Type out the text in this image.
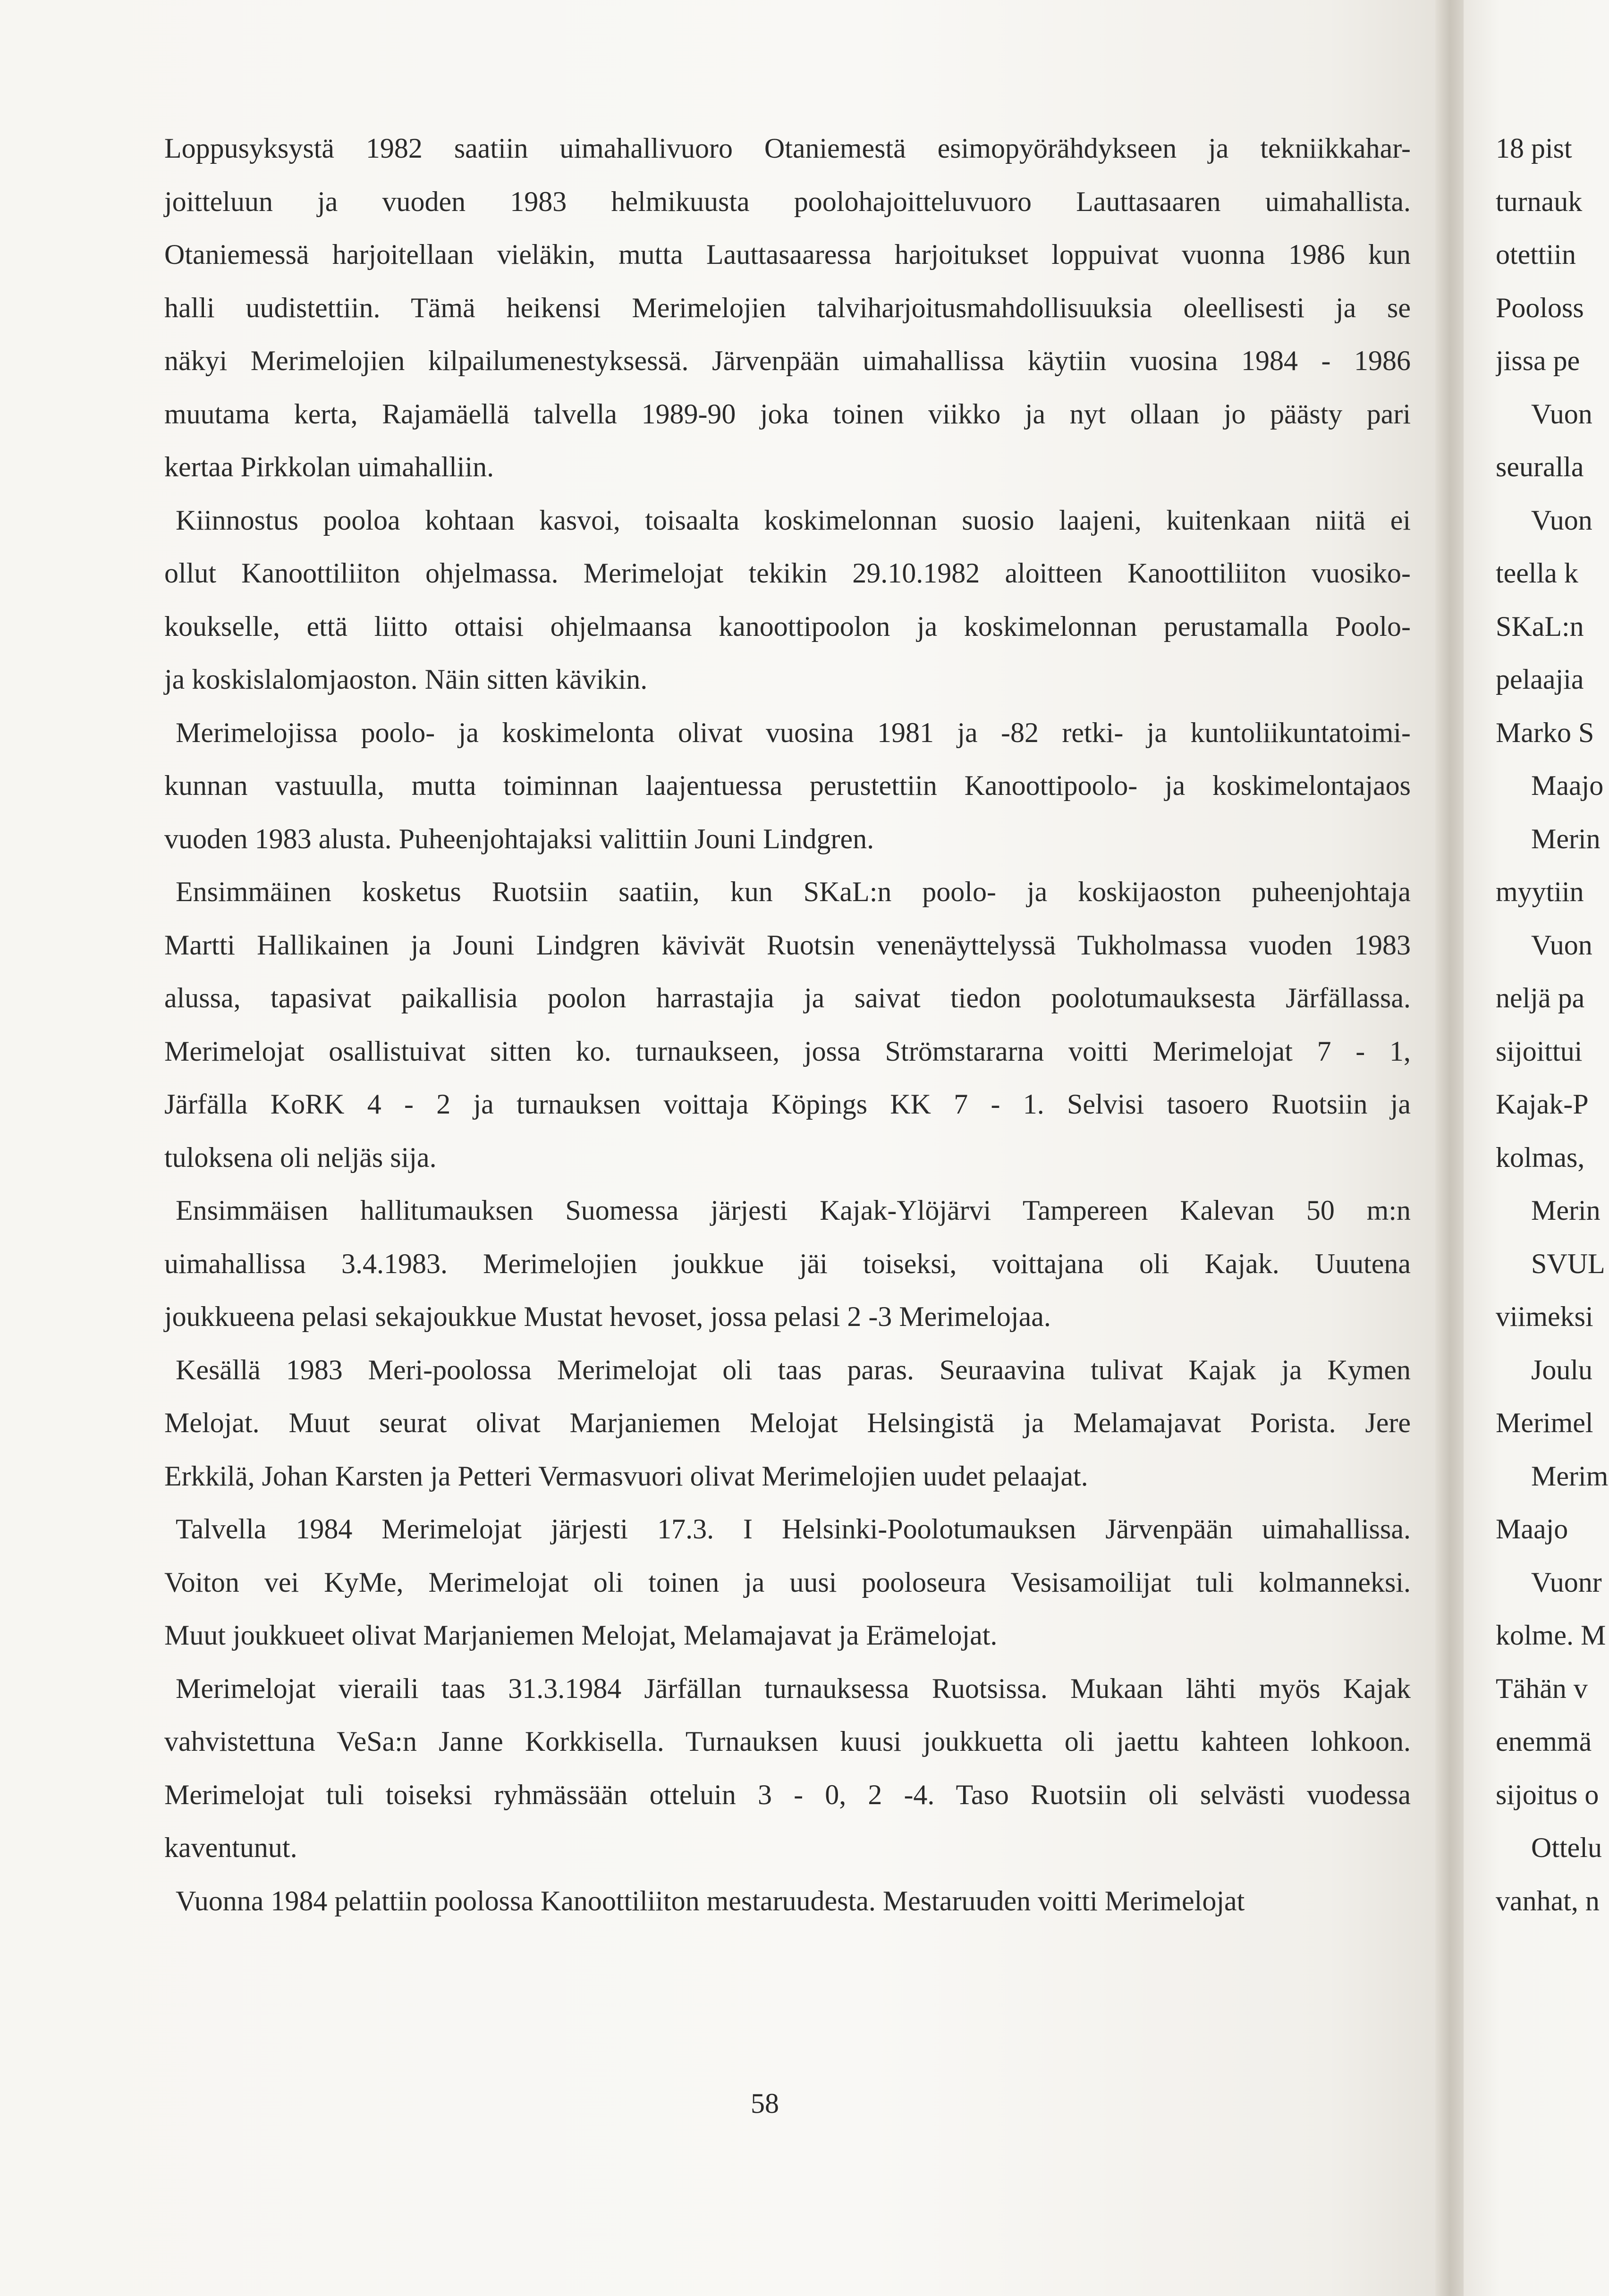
Loppusyksystä 1982 saatiin uimahallivuoro Otaniemestä esimopyörähdykseen ja tekniikkahar-
joitteluun ja vuoden 1983 helmikuusta poolohajoitteluvuoro Lauttasaaren uimahallista.
Otaniemessä harjoitellaan vieläkin, mutta Lauttasaaressa harjoitukset loppuivat vuonna 1986 kun
halli uudistettiin. Tämä heikensi Merimelojien talviharjoitusmahdollisuuksia oleellisesti ja se
näkyi Merimelojien kilpailumenestyksessä. Järvenpään uimahallissa käytiin vuosina 1984 - 1986
muutama kerta, Rajamäellä talvella 1989-90 joka toinen viikko ja nyt ollaan jo päästy pari
kertaa Pirkkolan uimahalliin.
Kiinnostus pooloa kohtaan kasvoi, toisaalta koskimelonnan suosio laajeni, kuitenkaan niitä ei
ollut Kanoottiliiton ohjelmassa. Merimelojat tekikin 29.10.1982 aloitteen Kanoottiliiton vuosiko-
koukselle, että liitto ottaisi ohjelmaansa kanoottipoolon ja koskimelonnan perustamalla Poolo-
ja koskislalomjaoston. Näin sitten kävikin.
Merimelojissa poolo- ja koskimelonta olivat vuosina 1981 ja -82 retki- ja kuntoliikuntatoimi-
kunnan vastuulla, mutta toiminnan laajentuessa perustettiin Kanoottipoolo- ja koskimelontajaos
vuoden 1983 alusta. Puheenjohtajaksi valittiin Jouni Lindgren.
Ensimmäinen kosketus Ruotsiin saatiin, kun SKaL:n poolo- ja koskijaoston puheenjohtaja
Martti Hallikainen ja Jouni Lindgren kävivät Ruotsin venenäyttelyssä Tukholmassa vuoden 1983
alussa, tapasivat paikallisia poolon harrastajia ja saivat tiedon poolotumauksesta Järfällassa.
Merimelojat osallistuivat sitten ko. turnaukseen, jossa Strömstararna voitti Merimelojat 7 - 1,
Järfälla KoRK 4 - 2 ja turnauksen voittaja Köpings KK 7 - 1. Selvisi tasoero Ruotsiin ja
tuloksena oli neljäs sija.
Ensimmäisen hallitumauksen Suomessa järjesti Kajak-Ylöjärvi Tampereen Kalevan 50 m:n
uimahallissa 3.4.1983. Merimelojien joukkue jäi toiseksi, voittajana oli Kajak. Uuutena
joukkueena pelasi sekajoukkue Mustat hevoset, jossa pelasi 2 -3 Merimelojaa.
Kesällä 1983 Meri-poolossa Merimelojat oli taas paras. Seuraavina tulivat Kajak ja Kymen
Melojat. Muut seurat olivat Marjaniemen Melojat Helsingistä ja Melamajavat Porista. Jere
Erkkilä, Johan Karsten ja Petteri Vermasvuori olivat Merimelojien uudet pelaajat.
Talvella 1984 Merimelojat järjesti 17.3. I Helsinki-Poolotumauksen Järvenpään uimahallissa.
Voiton vei KyMe, Merimelojat oli toinen ja uusi pooloseura Vesisamoilijat tuli kolmanneksi.
Muut joukkueet olivat Marjaniemen Melojat, Melamajavat ja Erämelojat.
Merimelojat vieraili taas 31.3.1984 Järfällan turnauksessa Ruotsissa. Mukaan lähti myös Kajak
vahvistettuna VeSa:n Janne Korkkisella. Turnauksen kuusi joukkuetta oli jaettu kahteen lohkoon.
Merimelojat tuli toiseksi ryhmässään otteluin 3 - 0, 2 -4. Taso Ruotsiin oli selvästi vuodessa
kaventunut.
Vuonna 1984 pelattiin poolossa Kanoottiliiton mestaruudesta. Mestaruuden voitti Merimelojat
58
18 pist
turnauk
otettiin
Pooloss
jissa pe
Vuon
seuralla
Vuon
teella k
SKaL:n
pelaajia
Marko S
Maajo
Merin
myytiin
Vuon
neljä pa
sijoittui
Kajak-P
kolmas,
Merin
SVUL
viimeksi
Joulu
Merimel
Merim
Maajo
Vuonr
kolme. M
Tähän v
enemmä
sijoitus o
Ottelu
vanhat, n
